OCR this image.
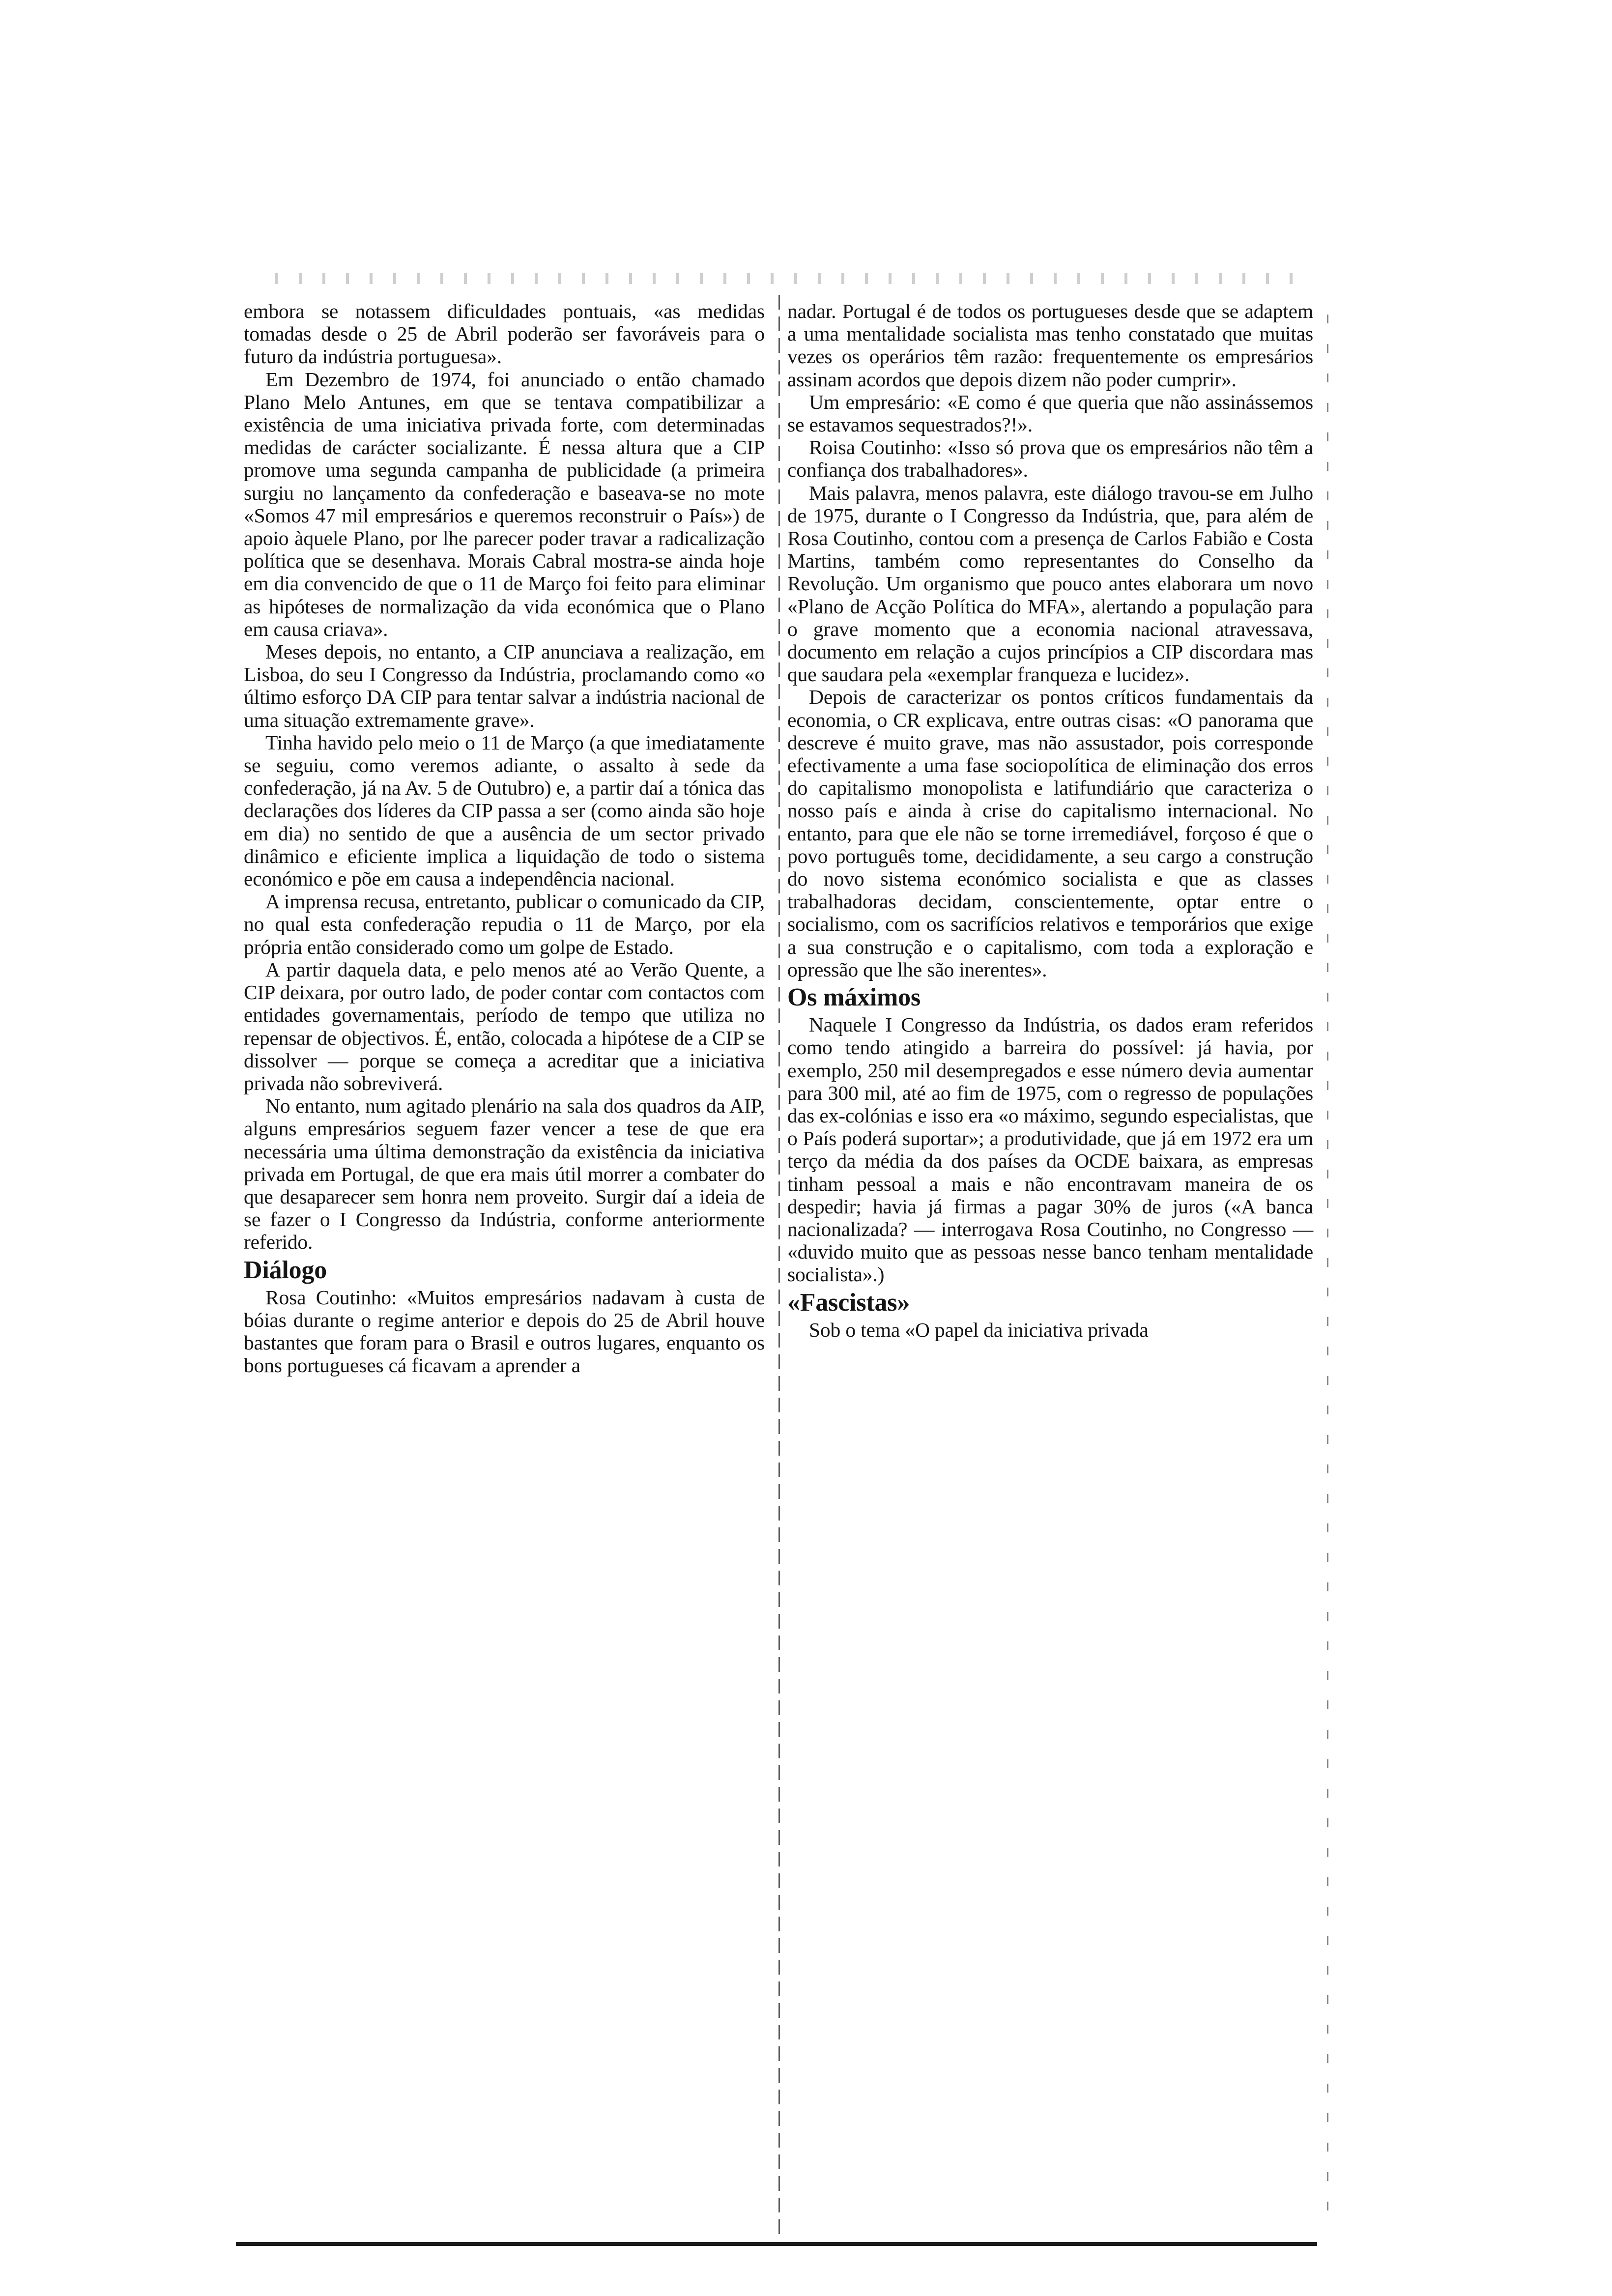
embora se notassem dificuldades pontuais, «as medidas tomadas desde o 25 de Abril poderão ser favoráveis para o futuro da indústria portuguesa».

Em Dezembro de 1974, foi anunciado o então chamado Plano Melo Antunes, em que se tentava compatibilizar a existência de uma iniciativa privada forte, com determinadas medidas de carácter socializante. É nessa altura que a CIP promove uma segunda campanha de publicidade (a primeira surgiu no lançamento da confederação e baseava-se no mote «Somos 47 mil empresários e queremos reconstruir o País») de apoio àquele Plano, por lhe parecer poder travar a radicalização política que se desenhava. Morais Cabral mostra-se ainda hoje em dia convencido de que o 11 de Março foi feito para eliminar as hipóteses de normalização da vida económica que o Plano em causa criava».

Meses depois, no entanto, a CIP anunciava a realização, em Lisboa, do seu I Congresso da Indústria, proclamando como «o último esforço DA CIP para tentar salvar a indústria nacional de uma situação extremamente grave».

Tinha havido pelo meio o 11 de Março (a que imediatamente se seguiu, como veremos adiante, o assalto à sede da confederação, já na Av. 5 de Outubro) e, a partir daí a tónica das declarações dos líderes da CIP passa a ser (como ainda são hoje em dia) no sentido de que a ausência de um sector privado dinâmico e eficiente implica a liquidação de todo o sistema económico e põe em causa a independência nacional.

A imprensa recusa, entretanto, publicar o comunicado da CIP, no qual esta confederação repudia o 11 de Março, por ela própria então considerado como um golpe de Estado.

A partir daquela data, e pelo menos até ao Verão Quente, a CIP deixara, por outro lado, de poder contar com contactos com entidades governamentais, período de tempo que utiliza no repensar de objectivos. É, então, colocada a hipótese de a CIP se dissolver — porque se começa a acreditar que a iniciativa privada não sobreviverá.

No entanto, num agitado plenário na sala dos quadros da AIP, alguns empresários seguem fazer vencer a tese de que era necessária uma última demonstração da existência da iniciativa privada em Portugal, de que era mais útil morrer a combater do que desaparecer sem honra nem proveito. Surgir daí a ideia de se fazer o I Congresso da Indústria, conforme anteriormente referido.

Diálogo

Rosa Coutinho: «Muitos empresários nadavam à custa de bóias durante o regime anterior e depois do 25 de Abril houve bastantes que foram para o Brasil e outros lugares, enquanto os bons portugueses cá ficavam a aprender a

nadar. Portugal é de todos os portugueses desde que se adaptem a uma mentalidade socialista mas tenho constatado que muitas vezes os operários têm razão: frequentemente os empresários assinam acordos que depois dizem não poder cumprir».

Um empresário: «E como é que queria que não assinássemos se estavamos sequestrados?!».

Roisa Coutinho: «Isso só prova que os empresários não têm a confiança dos trabalhadores».

Mais palavra, menos palavra, este diálogo travou-se em Julho de 1975, durante o I Congresso da Indústria, que, para além de Rosa Coutinho, contou com a presença de Carlos Fabião e Costa Martins, também como representantes do Conselho da Revolução. Um organismo que pouco antes elaborara um novo «Plano de Acção Política do MFA», alertando a população para o grave momento que a economia nacional atravessava, documento em relação a cujos princípios a CIP discordara mas que saudara pela «exemplar franqueza e lucidez».

Depois de caracterizar os pontos críticos fundamentais da economia, o CR explicava, entre outras cisas: «O panorama que descreve é muito grave, mas não assustador, pois corresponde efectivamente a uma fase sociopolítica de eliminação dos erros do capitalismo monopolista e latifundiário que caracteriza o nosso país e ainda à crise do capitalismo internacional. No entanto, para que ele não se torne irremediável, forçoso é que o povo português tome, decididamente, a seu cargo a construção do novo sistema económico socialista e que as classes trabalhadoras decidam, conscientemente, optar entre o socialismo, com os sacrifícios relativos e temporários que exige a sua construção e o capitalismo, com toda a exploração e opressão que lhe são inerentes».

Os máximos

Naquele I Congresso da Indústria, os dados eram referidos como tendo atingido a barreira do possível: já havia, por exemplo, 250 mil desempregados e esse número devia aumentar para 300 mil, até ao fim de 1975, com o regresso de populações das ex-colónias e isso era «o máximo, segundo especialistas, que o País poderá suportar»; a produtividade, que já em 1972 era um terço da média da dos países da OCDE baixara, as empresas tinham pessoal a mais e não encontravam maneira de os despedir; havia já firmas a pagar 30% de juros («A banca nacionalizada? — interrogava Rosa Coutinho, no Congresso — «duvido muito que as pessoas nesse banco tenham mentalidade socialista».)

«Fascistas»

Sob o tema «O papel da iniciativa privada
